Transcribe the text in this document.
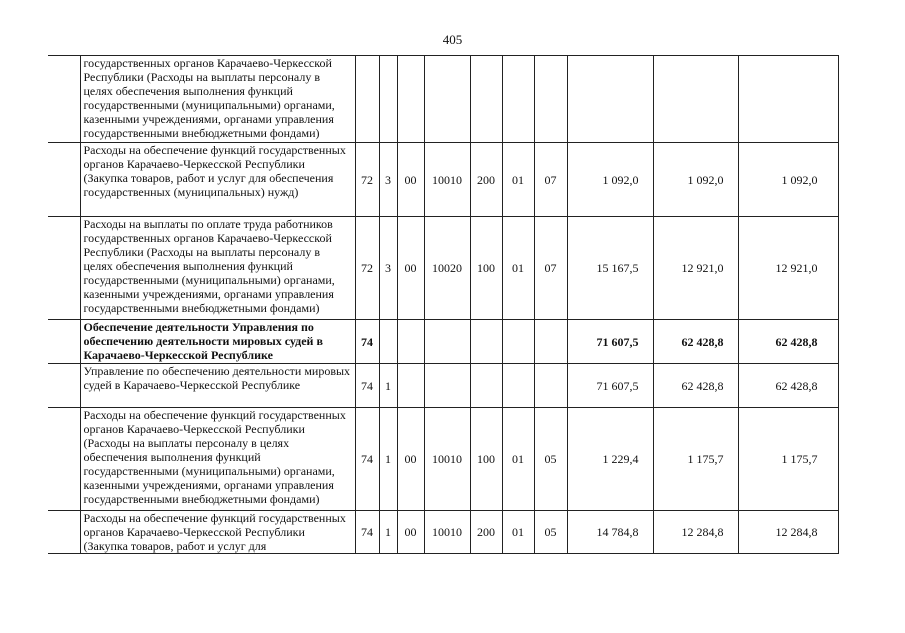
405
	государственных органов Карачаево-Черкесской Республики (Расходы на выплаты персоналу в целях обеспечения выполнения функций государственными (муниципальными) органами, казенными учреждениями, органами управления государственными внебюджетными фондами)										
	Расходы на обеспечение функций государственных органов Карачаево-Черкесской Республики (Закупка товаров, работ и услуг для обеспечения государственных (муниципальных) нужд)	72	3	00	10010	200	01	07	1 092,0	1 092,0	1 092,0
	Расходы на выплаты по оплате труда работников государственных органов Карачаево-Черкесской Республики (Расходы на выплаты персоналу в целях обеспечения выполнения функций государственными (муниципальными) органами, казенными учреждениями, органами управления государственными внебюджетными фондами)	72	3	00	10020	100	01	07	15 167,5	12 921,0	12 921,0
	Обеспечение деятельности Управления по обеспечению деятельности мировых судей в Карачаево-Черкесской Республике	74							71 607,5	62 428,8	62 428,8
	Управление по обеспечению деятельности мировых судей в Карачаево-Черкесской Республике	74	1						71 607,5	62 428,8	62 428,8
	Расходы на обеспечение функций государственных органов Карачаево-Черкесской Республики (Расходы на выплаты персоналу в целях обеспечения выполнения функций государственными (муниципальными) органами, казенными учреждениями, органами управления государственными внебюджетными фондами)	74	1	00	10010	100	01	05	1 229,4	1 175,7	1 175,7
	Расходы на обеспечение функций государственных органов Карачаево-Черкесской Республики (Закупка товаров, работ и услуг для	74	1	00	10010	200	01	05	14 784,8	12 284,8	12 284,8
